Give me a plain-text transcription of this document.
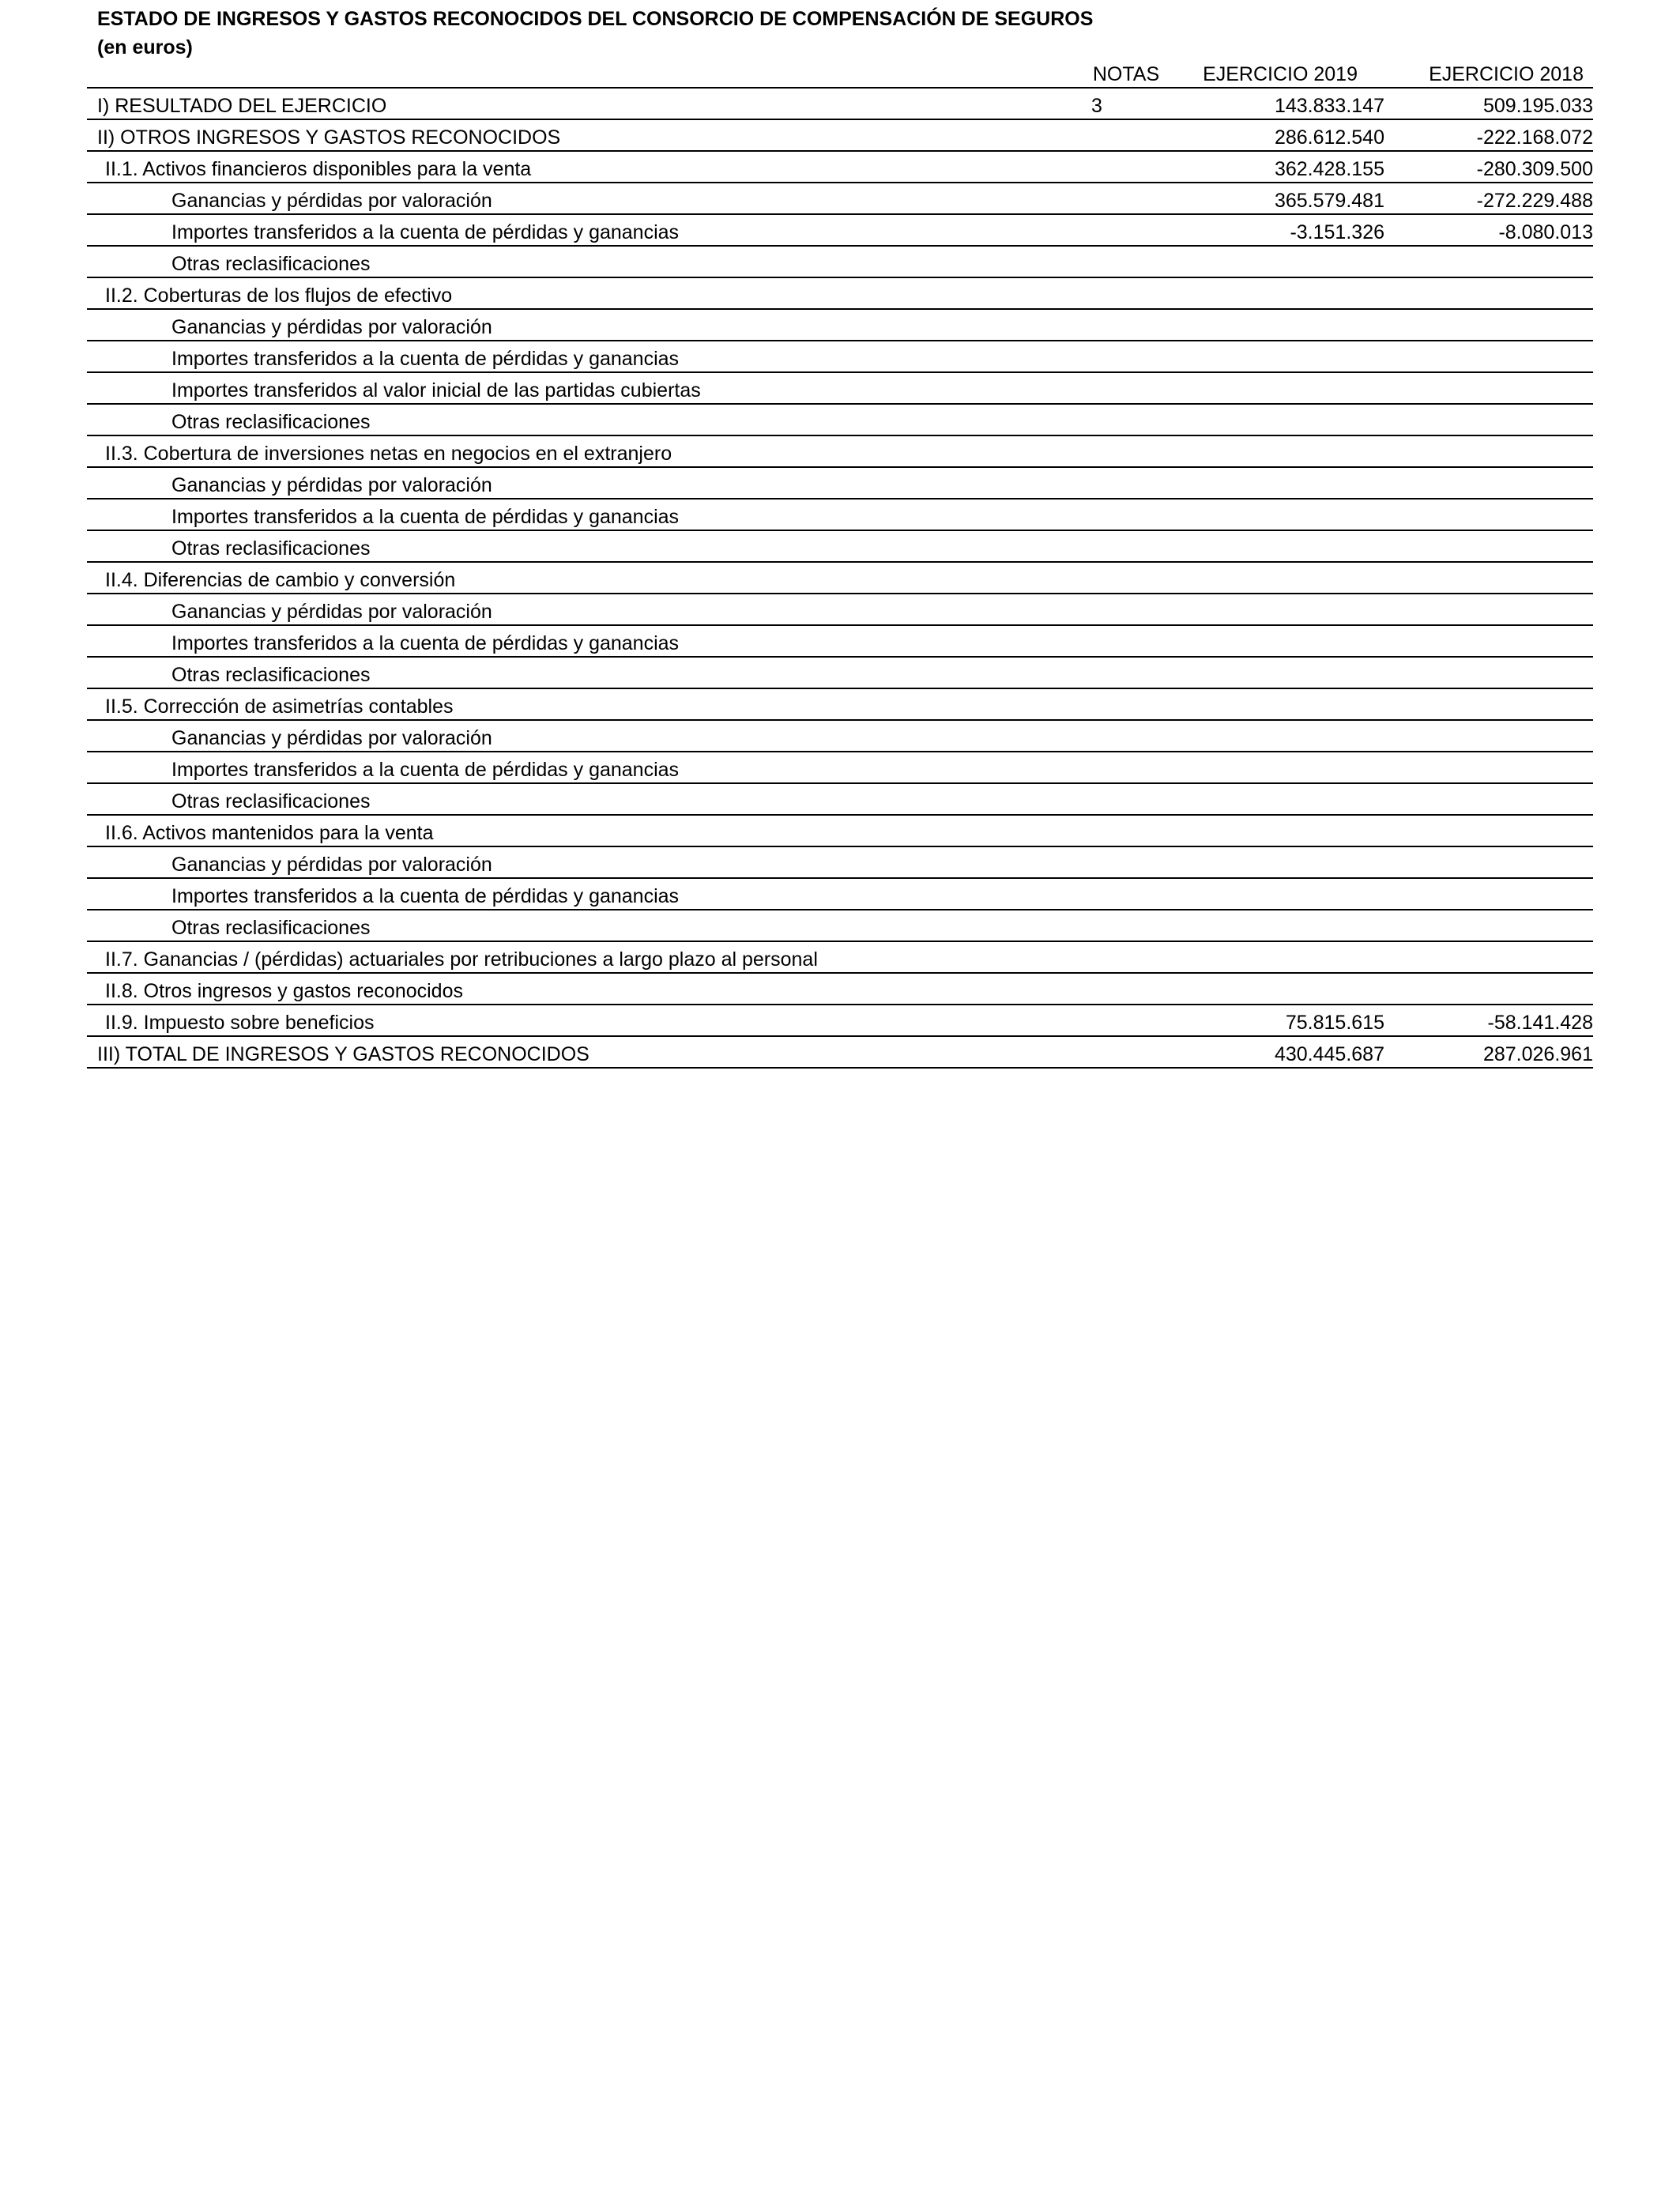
ESTADO DE INGRESOS Y GASTOS RECONOCIDOS DEL CONSORCIO DE COMPENSACIÓN DE SEGUROS
(en euros)
NOTAS	EJERCICIO 2019	EJERCICIO 2018
I) RESULTADO DEL EJERCICIO	3	143.833.147	509.195.033
II) OTROS INGRESOS Y GASTOS RECONOCIDOS		286.612.540	-222.168.072
II.1. Activos financieros disponibles para la venta		362.428.155	-280.309.500
Ganancias y pérdidas por valoración		365.579.481	-272.229.488
Importes transferidos a la cuenta de pérdidas y ganancias		-3.151.326	-8.080.013
Otras reclasificaciones			
II.2. Coberturas de los flujos de efectivo			
Ganancias y pérdidas por valoración			
Importes transferidos a la cuenta de pérdidas y ganancias			
Importes transferidos al valor inicial de las partidas cubiertas			
Otras reclasificaciones			
II.3. Cobertura de inversiones netas en negocios en el extranjero			
Ganancias y pérdidas por valoración			
Importes transferidos a la cuenta de pérdidas y ganancias			
Otras reclasificaciones			
II.4. Diferencias de cambio y conversión			
Ganancias y pérdidas por valoración			
Importes transferidos a la cuenta de pérdidas y ganancias			
Otras reclasificaciones			
II.5. Corrección de asimetrías contables			
Ganancias y pérdidas por valoración			
Importes transferidos a la cuenta de pérdidas y ganancias			
Otras reclasificaciones			
II.6. Activos mantenidos para la venta			
Ganancias y pérdidas por valoración			
Importes transferidos a la cuenta de pérdidas y ganancias			
Otras reclasificaciones			
II.7. Ganancias / (pérdidas) actuariales por retribuciones a largo plazo al personal			
II.8. Otros ingresos y gastos reconocidos			
II.9. Impuesto sobre beneficios		75.815.615	-58.141.428
III) TOTAL DE INGRESOS Y GASTOS RECONOCIDOS		430.445.687	287.026.961
